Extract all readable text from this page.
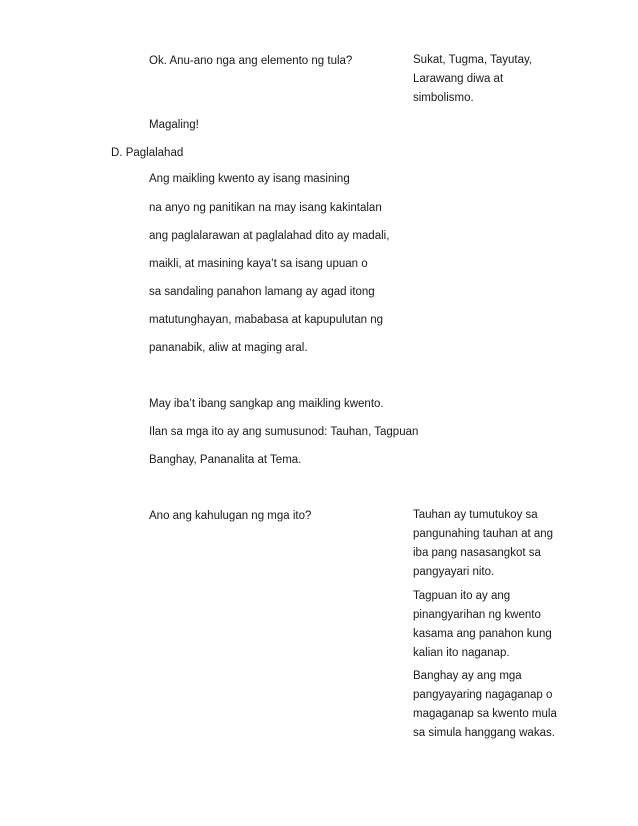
Ok. Anu-ano nga ang elemento ng tula?	Sukat, Tugma, Tayutay,
Larawang diwa at
simbolismo.
Magaling!
D. Paglalahad
Ang maikling kwento ay isang masining
na anyo ng panitikan na may isang kakintalan
ang paglalarawan at paglalahad dito ay madali,
maikli, at masining kaya’t sa isang upuan o
sa sandaling panahon lamang ay agad itong
matutunghayan, mababasa at kapupulutan ng
pananabik, aliw at maging aral.
May iba’t ibang sangkap ang maikling kwento.
Ilan sa mga ito ay ang sumusunod: Tauhan, Tagpuan
Banghay, Pananalita at Tema.
Ano ang kahulugan ng mga ito?	Tauhan ay tumutukoy sa
pangunahing tauhan at ang
iba pang nasasangkot sa
pangyayari nito.
Tagpuan ito ay ang
pinangyarihan ng kwento
kasama ang panahon kung
kalian ito naganap.
Banghay ay ang mga
pangyayaring nagaganap o
magaganap sa kwento mula
sa simula hanggang wakas.
